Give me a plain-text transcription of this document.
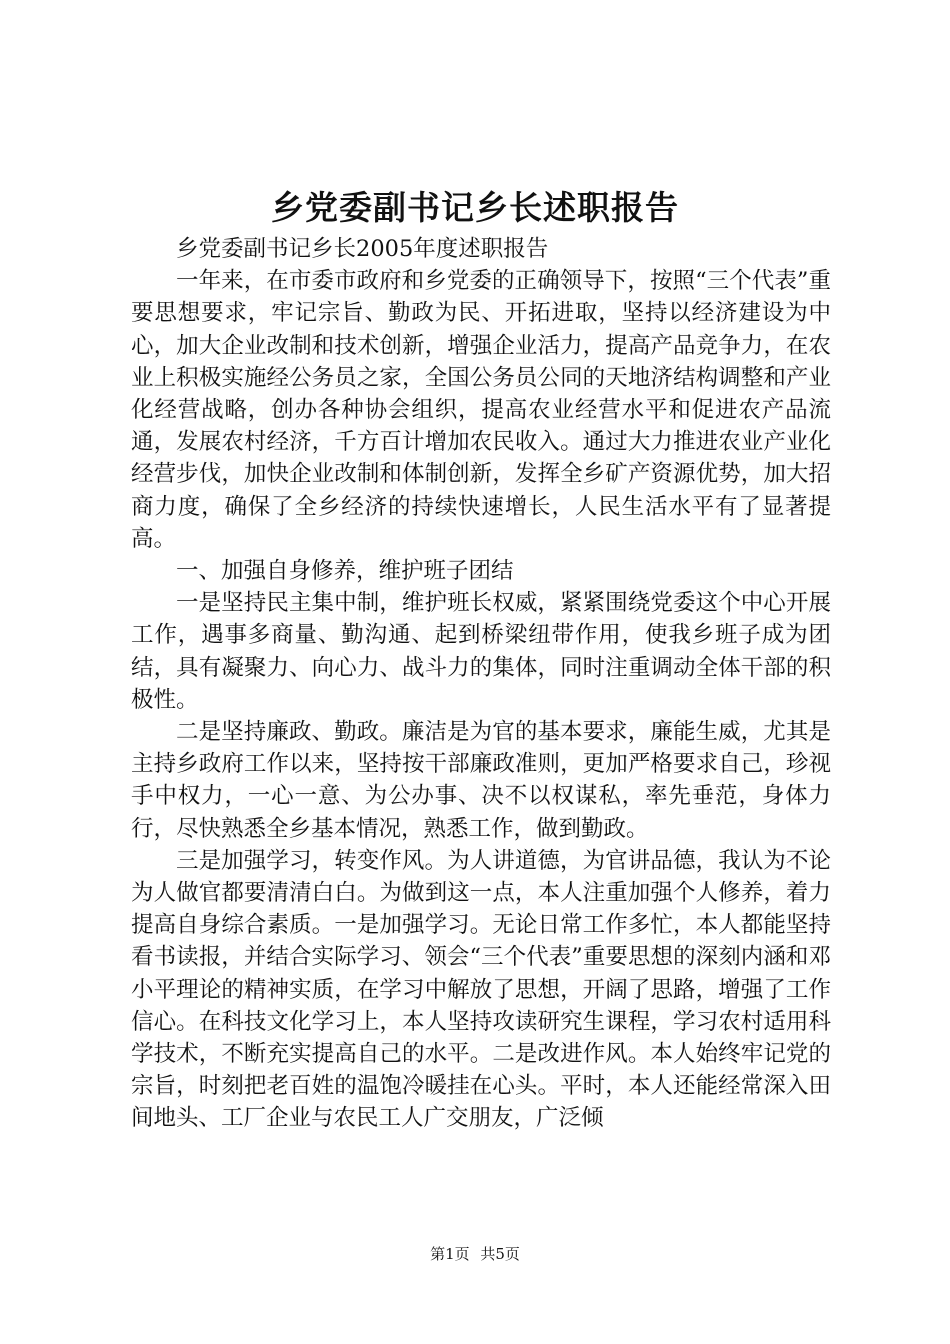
乡党委副书记乡长述职报告

乡党委副书记乡长2005年度述职报告

一年来，在市委市政府和乡党委的正确领导下，按照“三个代表”重要思想要求，牢记宗旨、勤政为民、开拓进取，坚持以经济建设为中心，加大企业改制和技术创新，增强企业活力，提高产品竞争力，在农业上积极实施经公务员之家，全国公务员公同的天地济结构调整和产业化经营战略，创办各种协会组织，提高农业经营水平和促进农产品流通，发展农村经济，千方百计增加农民收入。通过大力推进农业产业化经营步伐，加快企业改制和体制创新，发挥全乡矿产资源优势，加大招商力度，确保了全乡经济的持续快速增长，人民生活水平有了显著提高。

一、加强自身修养，维护班子团结

一是坚持民主集中制，维护班长权威，紧紧围绕党委这个中心开展工作，遇事多商量、勤沟通、起到桥梁纽带作用，使我乡班子成为团结，具有凝聚力、向心力、战斗力的集体，同时注重调动全体干部的积极性。

二是坚持廉政、勤政。廉洁是为官的基本要求，廉能生威，尤其是主持乡政府工作以来，坚持按干部廉政准则，更加严格要求自己，珍视手中权力，一心一意、为公办事、决不以权谋私，率先垂范，身体力行，尽快熟悉全乡基本情况，熟悉工作，做到勤政。

三是加强学习，转变作风。为人讲道德，为官讲品德，我认为不论为人做官都要清清白白。为做到这一点，本人注重加强个人修养，着力提高自身综合素质。一是加强学习。无论日常工作多忙，本人都能坚持看书读报，并结合实际学习、领会“三个代表”重要思想的深刻内涵和邓小平理论的精神实质，在学习中解放了思想，开阔了思路，增强了工作信心。在科技文化学习上，本人坚持攻读研究生课程，学习农村适用科学技术，不断充实提高自己的水平。二是改进作风。本人始终牢记党的宗旨，时刻把老百姓的温饱冷暖挂在心头。平时，本人还能经常深入田间地头、工厂企业与农民工人广交朋友，广泛倾

第1页 共5页
